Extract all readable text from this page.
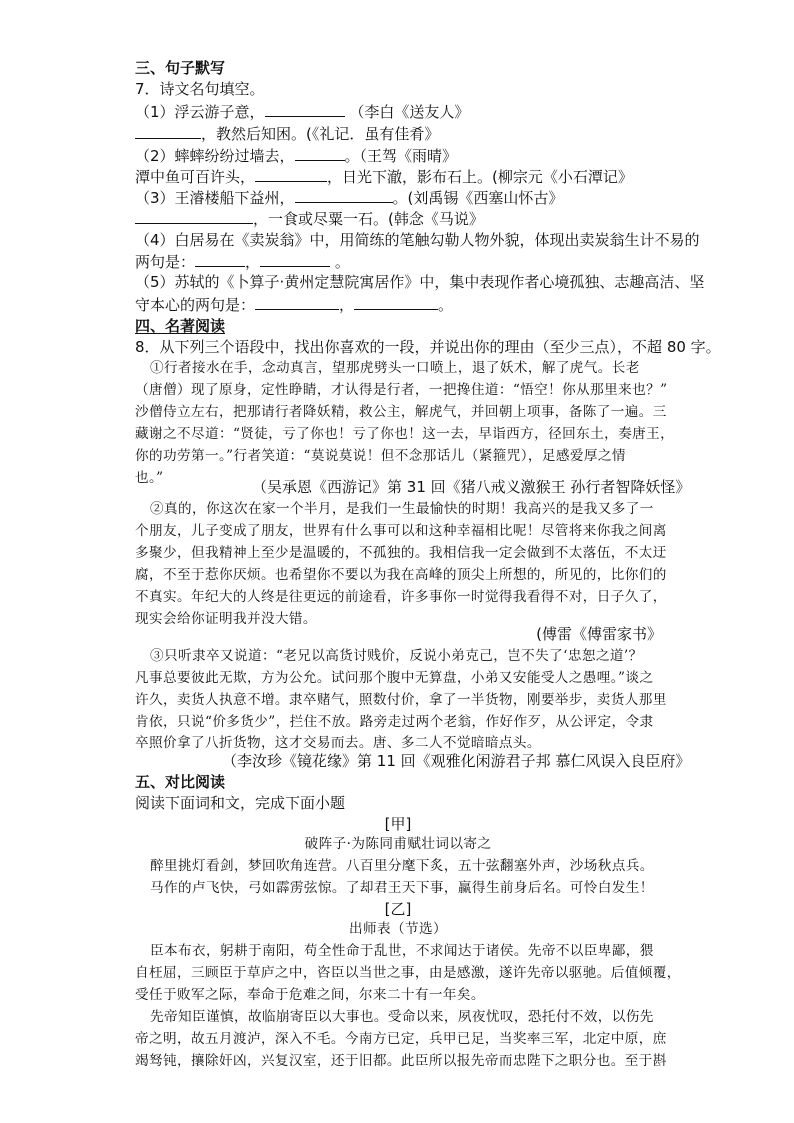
三、句子默写
7．诗文名句填空。
（1）浮云游子意，	（李白《送友人》
，教然后知困。(《礼记．虽有佳肴》
（2）蟀蟀纷纷过墙去，	。（王驾《雨晴》
潭中鱼可百许头，	，日光下澈，影布石上。(柳宗元《小石潭记》
（3）王濬楼船下益州，	。(刘禹锡《西塞山怀古》
，一食或尽粟一石。(韩念《马说》
（4）白居易在《卖炭翁》中，用简练的笔触勾勒人物外貌，体现出卖炭翁生计不易的
两句是：	，	。
（5）苏轼的《卜算子·黄州定慧院寓居作》中，集中表现作者心境孤独、志趣高洁、坚
守本心的两句是：	，	。
四、名著阅读
8．从下列三个语段中，找出你喜欢的一段，并说出你的理由（至少三点），不超 80 字。
①行者接水在手，念动真言，望那虎劈头一口喷上，退了妖术，解了虎气。长老
（唐僧）现了原身，定性睁睛，才认得是行者，一把搀住道：“悟空！你从那里来也？”
沙僧侍立左右，把那请行者降妖精，救公主，解虎气，并回朝上项事，备陈了一遍。三
藏谢之不尽道：“贤徒，亏了你也！亏了你也！这一去，早诣西方，径回东土，奏唐王，
你的功劳第一。”行者笑道：“莫说莫说！但不念那话儿（紧箍咒），足感爱厚之情
也。”	（吴承恩《西游记》第 31 回《猪八戒义激猴王 孙行者智降妖怪》
②真的，你这次在家一个半月，是我们一生最愉快的时期！我高兴的是我又多了一
个朋友，儿子变成了朋友，世界有什么事可以和这种幸福相比呢！尽管将来你我之间离
多聚少，但我精神上至少是温暖的，不孤独的。我相信我一定会做到不太落伍，不太迂
腐，不至于惹你厌烦。也希望你不要以为我在高峰的顶尖上所想的，所见的，比你们的
不真实。年纪大的人终是往更远的前途看，许多事你一时觉得我看得不对，日子久了，
现实会给你证明我并没大错。
(傅雷《傅雷家书》
③只听隶卒又说道：“老兄以高货讨贱价，反说小弟克己，岂不失了‘忠恕之道’？
凡事总要彼此无欺，方为公允。试问那个腹中无算盘，小弟又安能受人之愚哩。”谈之
许久，卖货人执意不增。隶卒赌气，照数付价，拿了一半货物，刚要举步，卖货人那里
肯依，只说“价多货少”，拦住不放。路旁走过两个老翁，作好作歹，从公评定，令隶
卒照价拿了八折货物，这才交易而去。唐、多二人不觉暗暗点头。
（李汝珍《镜花缘》第 11 回《观雅化闲游君子邦 慕仁风误入良臣府》
五、对比阅读
阅读下面词和文，完成下面小题
[甲]
破阵子·为陈同甫赋壮词以寄之
醉里挑灯看剑，梦回吹角连营。八百里分麾下炙，五十弦翻塞外声，沙场秋点兵。
马作的卢飞快，弓如霹雳弦惊。了却君王天下事，赢得生前身后名。可怜白发生！
[乙]
出师表（节选）
臣本布衣，躬耕于南阳，苟全性命于乱世，不求闻达于诸侯。先帝不以臣卑鄙，猥
自枉屈，三顾臣于草庐之中，咨臣以当世之事，由是感激，遂许先帝以驱驰。后值倾覆，
受任于败军之际，奉命于危难之间，尔来二十有一年矣。
先帝知臣谨慎，故临崩寄臣以大事也。受命以来，夙夜忧叹，恐托付不效，以伤先
帝之明，故五月渡泸，深入不毛。今南方已定，兵甲已足，当奖率三军，北定中原，庶
竭驽钝，攘除奸凶，兴复汉室，还于旧都。此臣所以报先帝而忠陛下之职分也。至于斟
